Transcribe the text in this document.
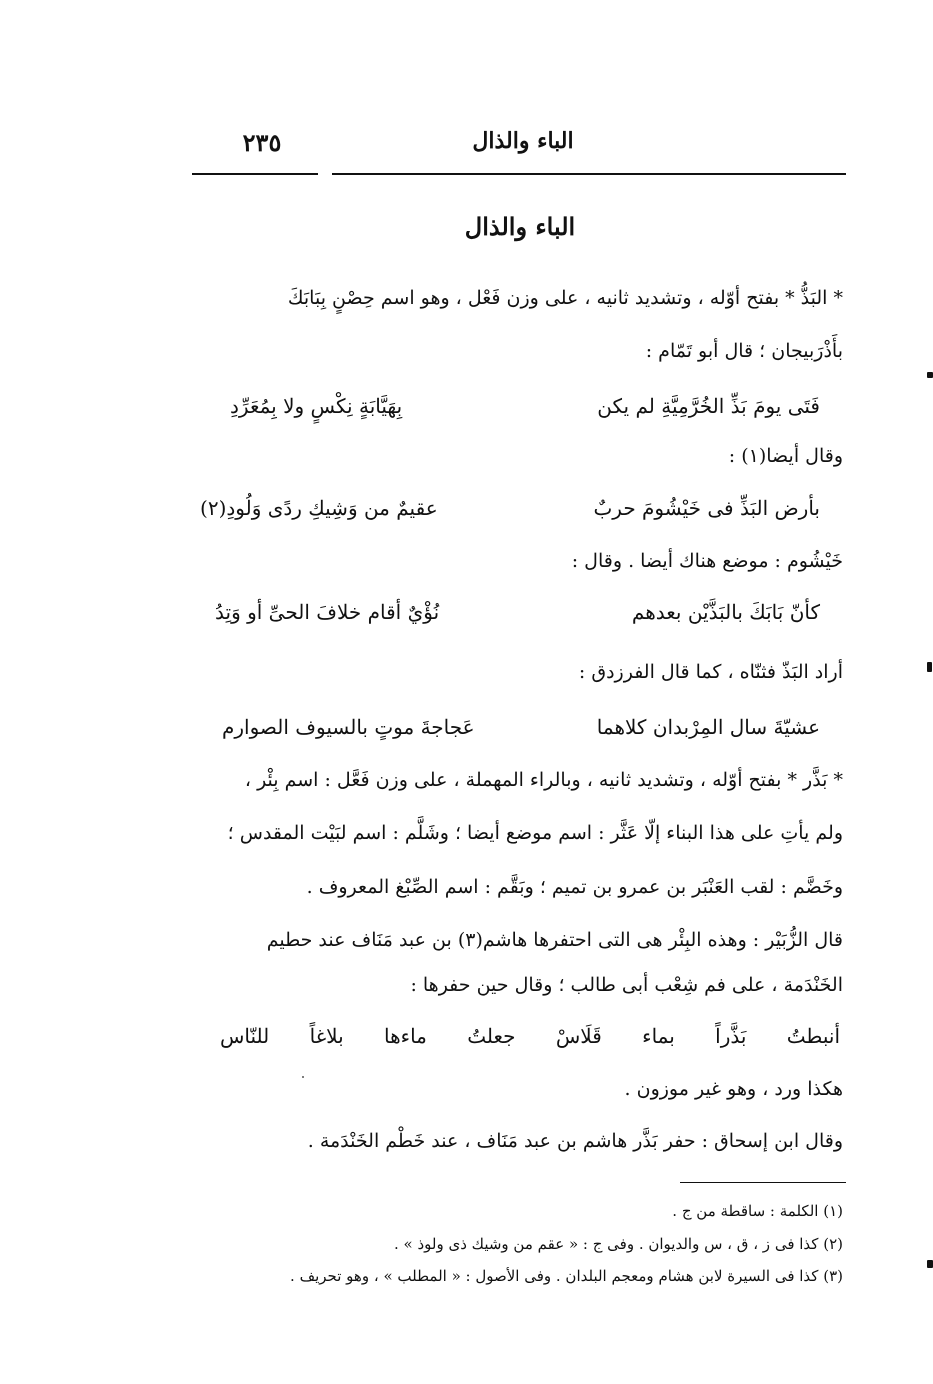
الباء والذال
٢٣٥
الباء والذال
* البَذُّ * بفتح أوّله ، وتشديد ثانيه ، على وزن فَعْل ، وهو اسم حِصْنٍ بِبَابَكَ
بأَذْرَبيجان ؛ قال أبو تَمّام :
فَتَى يومَ بَذِّ الخُرَّمِيَّةِ لم يكن
بِهَيَّابَةٍ نِكْسٍ ولا بِمُعَرِّدِ
وقال أيضا(١) :
بأرض البَذِّ فى خَيْشُومَ حربٌ
عقيمٌ من وَشِيكِ ردًى وَلُودِ(٢)
خَيْشُوم : موضع هناك أيضا . وقال :
كأنّ بَابَكَ بالبَذَّيْن بعدهم
نُؤْيٌ أقام خلافَ الحىِّ أو وَتِدُ
أراد البَذّ فثنّاه ، كما قال الفرزدق :
عشيّةَ سال المِرْبدان كلاهما
عَجاجةَ موتٍ بالسيوف الصوارم
* بَذَّر * بفتح أوّله ، وتشديد ثانيه ، وبالراء المهملة ، على وزن فَعَّل : اسم بِئْر ،
ولم يأتِ على هذا البناء إلّا عَثَّر : اسم موضع أيضا ؛ وشَلَّم : اسم لبَيْت المقدس ؛
وخَضَّم : لقب العَنْبَر بن عمرو بن تميم ؛ وبَقَّم : اسم الصِّبْغ المعروف .
قال الزُّبَيْر : وهذه البِئْر هى التى احتفرها هاشم(٣) بن عبد مَنَاف عند حطيم
الخَنْدَمة ، على فم شِعْب أبى طالب ؛ وقال حين حفرها :
أنبطتُ بَذَّراً بماء قَلَاسْ جعلتُ ماءها بلاغاً للنّاس
هكذا ورد ، وهو غير موزون .
وقال ابن إسحاق : حفر بَذَّر هاشم بن عبد مَنَاف ، عند خَطْم الخَنْدَمة .
(١) الكلمة : ساقطة من ج .
(٢) كذا فى ز ، ق ، س والديوان . وفى ج : « عقم من وشيك ذى ولوذ » .
(٣) كذا فى السيرة لابن هشام ومعجم البلدان . وفى الأصول : « المطلب » ، وهو تحريف .
